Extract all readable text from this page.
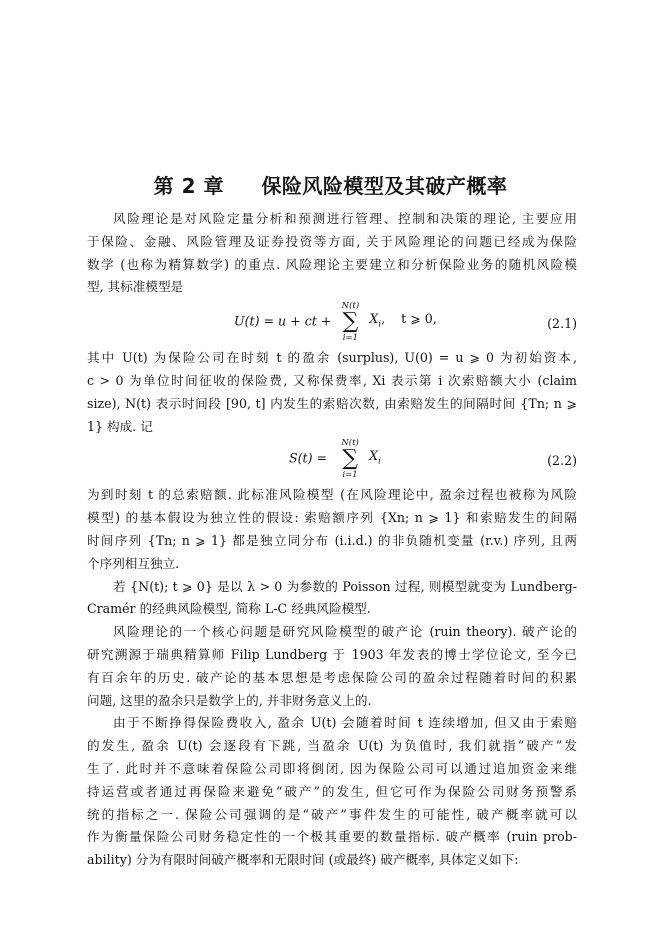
第 2 章     保险风险模型及其破产概率
风险理论是对风险定量分析和预测进行管理、控制和决策的理论, 主要应用
于保险、金融、风险管理及证券投资等方面, 关于风险理论的问题已经成为保险
数学 (也称为精算数学) 的重点. 风险理论主要建立和分析保险业务的随机风险模
型, 其标准模型是
U(t) = u + ct +
N(t)
∑
i=1
$X_i$,    t ⩾ 0,	(2.1)
其中 U(t) 为保险公司在时刻 t 的盈余 (surplus), U(0) = u ⩾ 0 为初始资本,
c > 0 为单位时间征收的保险费, 又称保费率, Xi 表示第 i 次索赔额大小 (claim
size), N(t) 表示时间段 [90, t] 内发生的索赔次数, 由索赔发生的间隔时间 {Tn; n ⩾
1} 构成. 记
S(t) =
N(t)
∑
i=1
$X_i$	(2.2)
为到时刻 t 的总索赔额. 此标准风险模型 (在风险理论中, 盈余过程也被称为风险
模型) 的基本假设为独立性的假设: 索赔额序列 {Xn; n ⩾ 1} 和索赔发生的间隔
时间序列 {Tn; n ⩾ 1} 都是独立同分布 (i.i.d.) 的非负随机变量 (r.v.) 序列, 且两
个序列相互独立.
若 {N(t); t ⩾ 0} 是以 λ > 0 为参数的 Poisson 过程, 则模型就变为 Lundberg-
Cramér 的经典风险模型, 简称 L-C 经典风险模型.
风险理论的一个核心问题是研究风险模型的破产论 (ruin theory). 破产论的
研究溯源于瑞典精算师 Filip Lundberg 于 1903 年发表的博士学位论文, 至今已
有百余年的历史. 破产论的基本思想是考虑保险公司的盈余过程随着时间的积累
问题, 这里的盈余只是数学上的, 并非财务意义上的.
由于不断挣得保险费收入, 盈余 U(t) 会随着时间 t 连续增加, 但又由于索赔
的发生, 盈余 U(t) 会逐段有下跳, 当盈余 U(t) 为负值时, 我们就指“破产”发
生了. 此时并不意味着保险公司即将倒闭, 因为保险公司可以通过追加资金来维
持运营或者通过再保险来避免“破产”的发生, 但它可作为保险公司财务预警系
统的指标之一. 保险公司强调的是“破产”事件发生的可能性, 破产概率就可以
作为衡量保险公司财务稳定性的一个极其重要的数量指标. 破产概率 (ruin prob-
ability) 分为有限时间破产概率和无限时间 (或最终) 破产概率, 具体定义如下:
